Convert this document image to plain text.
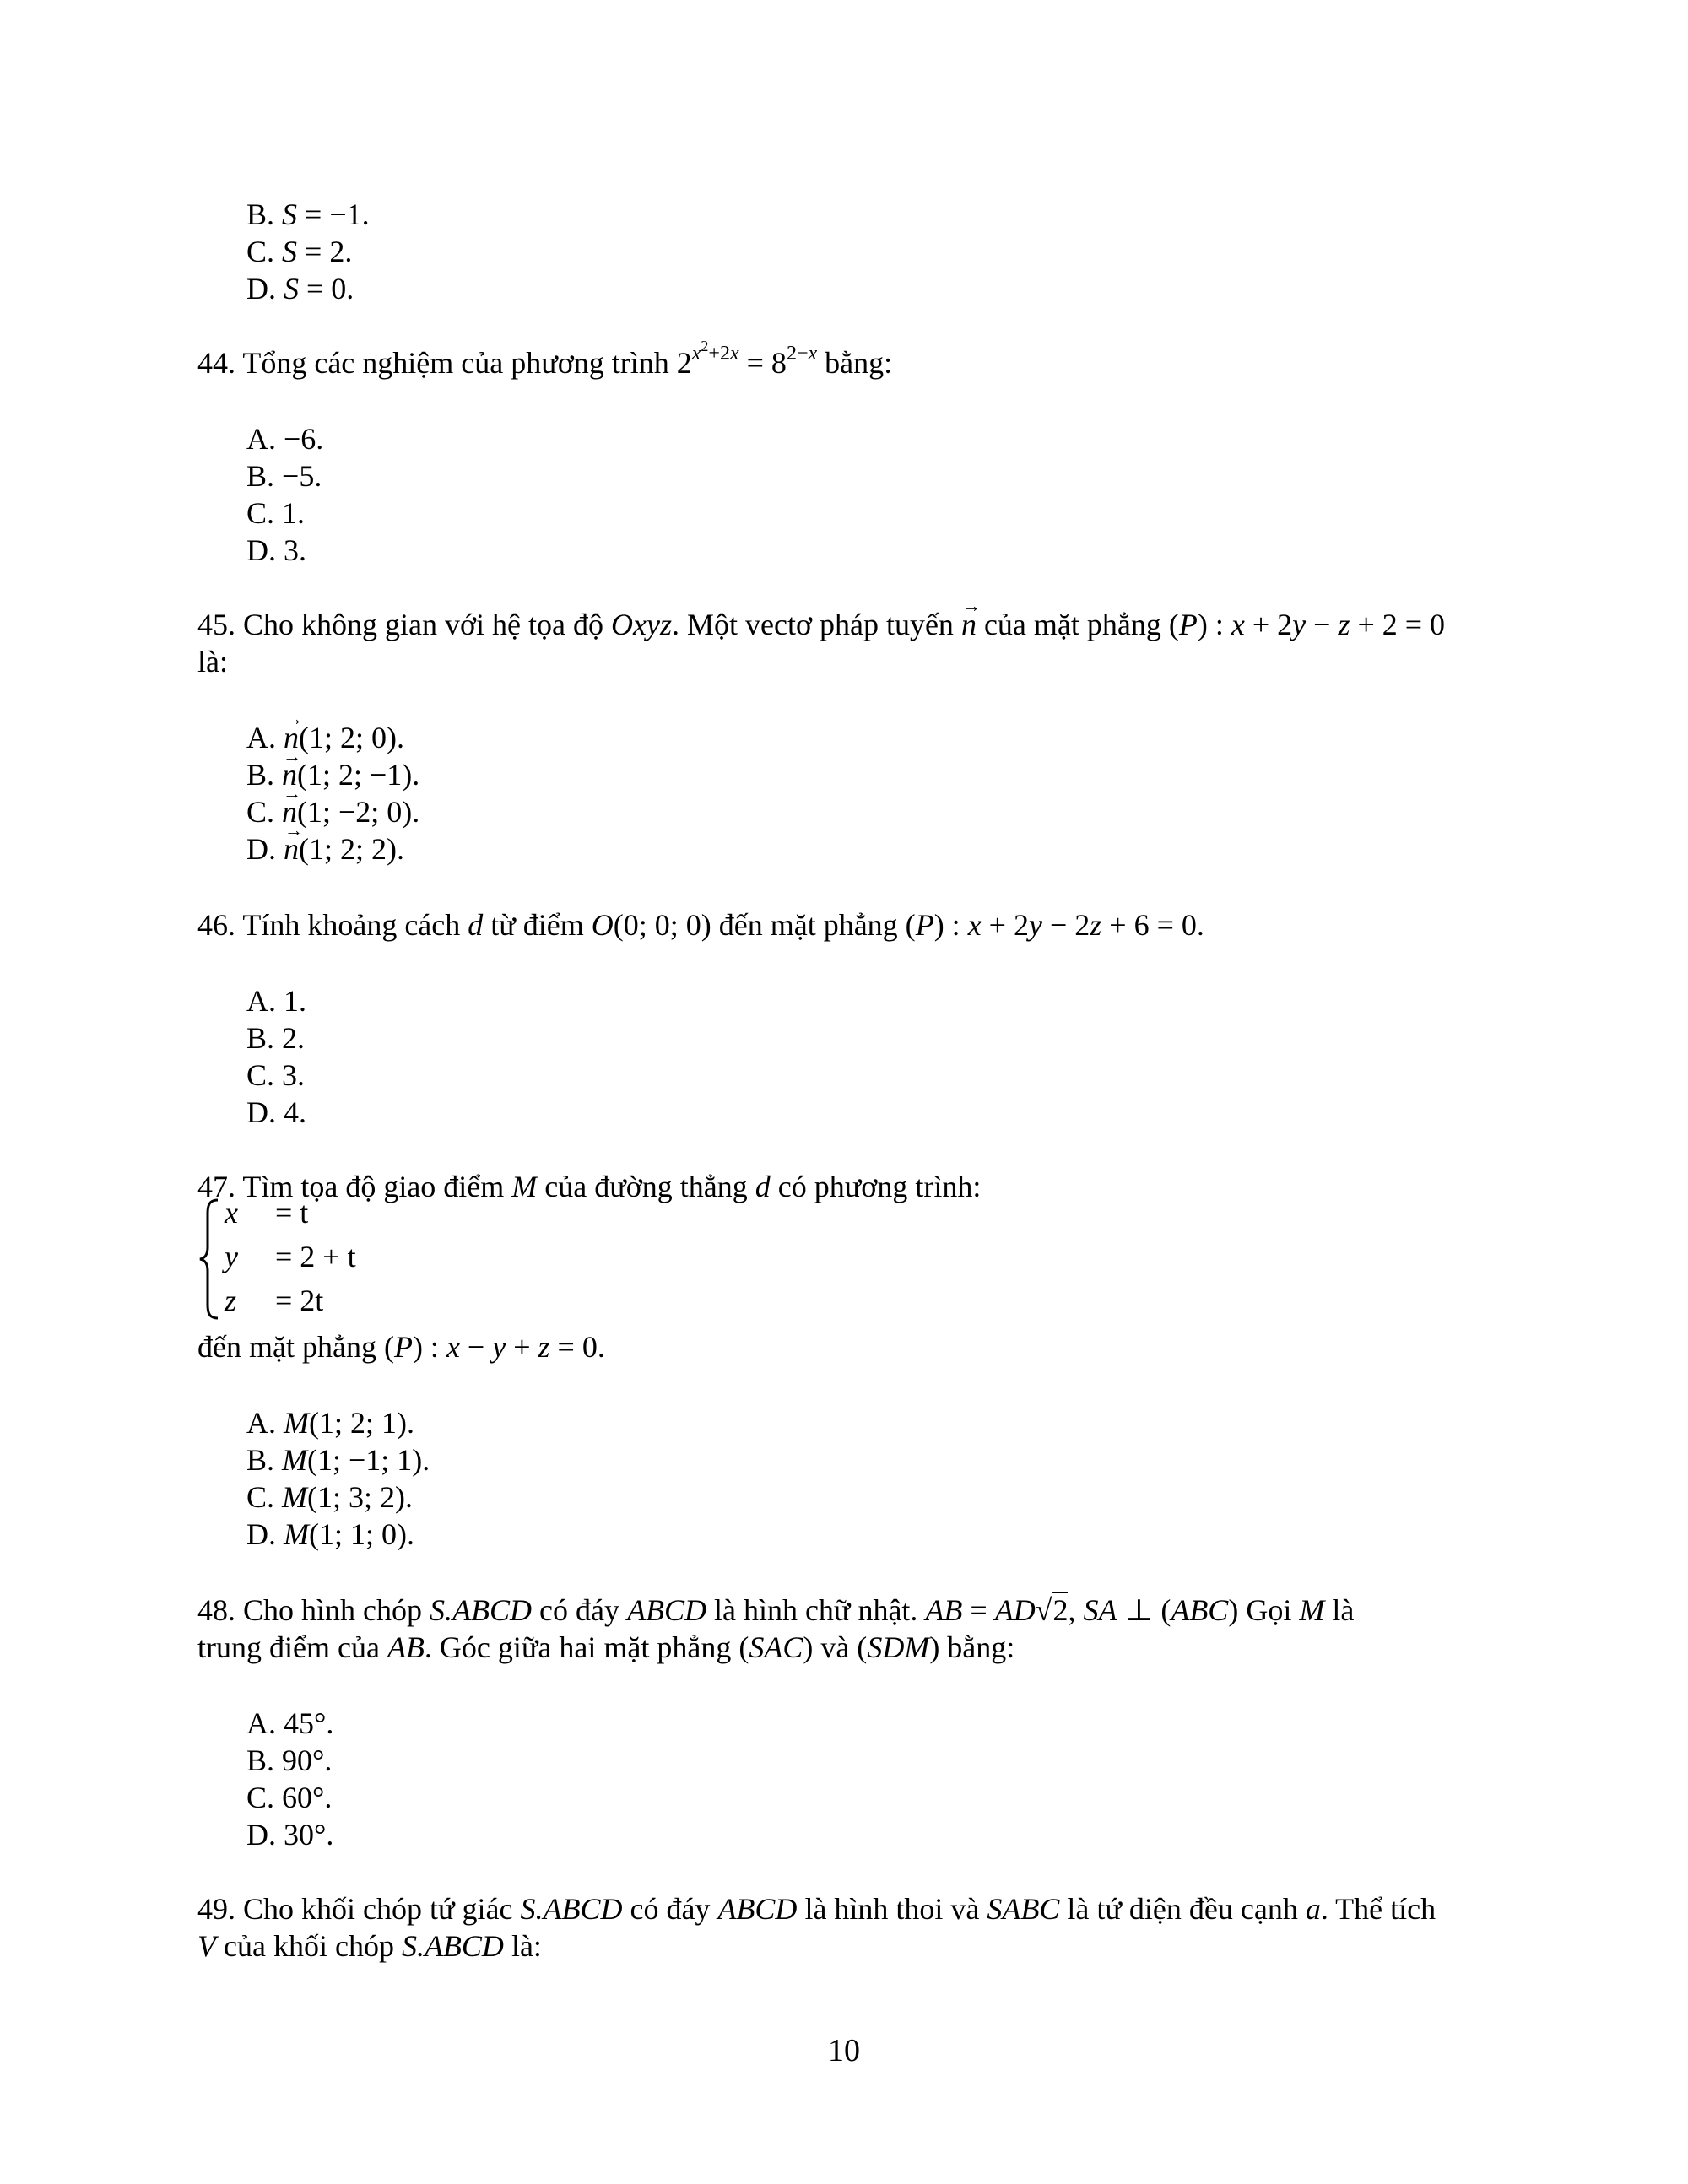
B. S = −1.
C. S = 2.
D. S = 0.
44. Tổng các nghiệm của phương trình $2^{x^2+2x} = 8^{2-x}$ bằng:
A. −6.
B. −5.
C. 1.
D. 3.
45. Cho không gian với hệ tọa độ Oxyz. Một vectơ pháp tuyến → n của mặt phẳng (P) : x + 2y − z + 2 = 0
là:
A. → n(1; 2; 0).
B. → n(1; 2; −1).
C. → n(1; −2; 0).
D. → n(1; 2; 2).
46. Tính khoảng cách d từ điểm O(0; 0; 0) đến mặt phẳng (P) : x + 2y − 2z + 6 = 0.
A. 1.
B. 2.
C. 3.
D. 4.
47. Tìm tọa độ giao điểm M của đường thẳng d có phương trình:
x = t
y = 2 + t
z = 2t
đến mặt phẳng (P) : x − y + z = 0.
A. M(1; 2; 1).
B. M(1; −1; 1).
C. M(1; 3; 2).
D. M(1; 1; 0).
48. Cho hình chóp S.ABCD có đáy ABCD là hình chữ nhật. AB = AD√2, SA ⊥ (ABC) Gọi M là
trung điểm của AB. Góc giữa hai mặt phẳng (SAC) và (SDM) bằng:
A. 45°.
B. 90°.
C. 60°.
D. 30°.
49. Cho khối chóp tứ giác S.ABCD có đáy ABCD là hình thoi và SABC là tứ diện đều cạnh a. Thể tích
V của khối chóp S.ABCD là:
10
